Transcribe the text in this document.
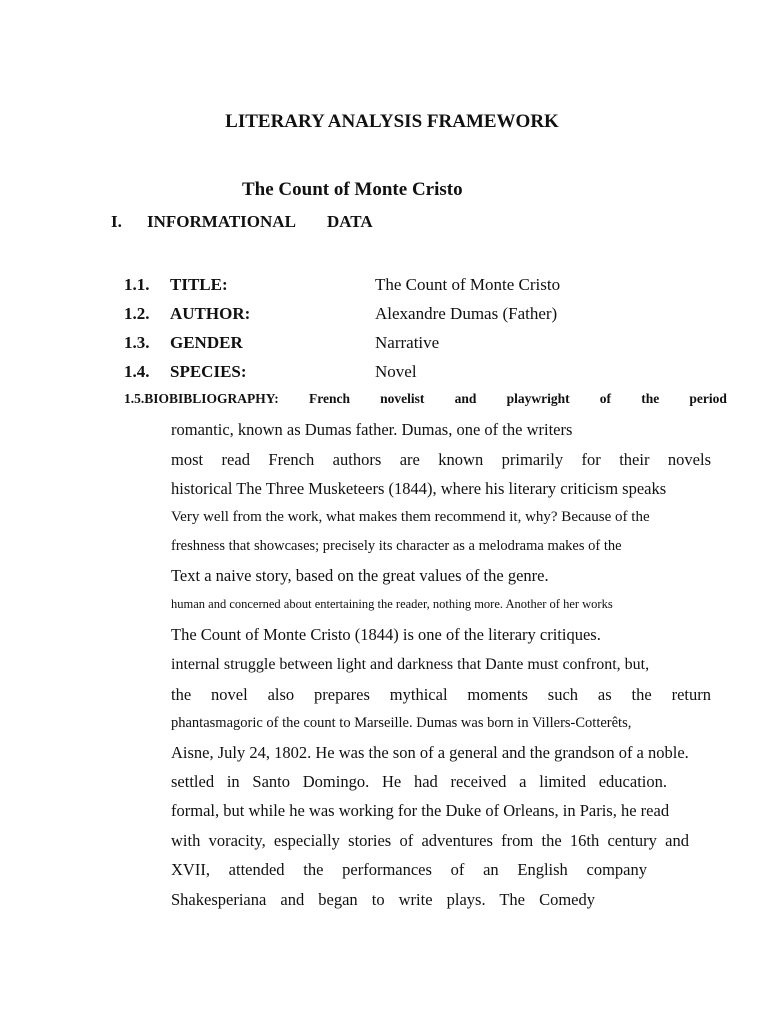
LITERARY ANALYSIS FRAMEWORK
The Count of Monte Cristo
I. INFORMATIONAL DATA
1.1. TITLE:	The Count of Monte Cristo
1.2. AUTHOR:	Alexandre Dumas (Father)
1.3. GENDER	Narrative
1.4. SPECIES:	Novel
1.5.BIOBIBLIOGRAPHY: French novelist and playwright of the period
romantic, known as Dumas father. Dumas, one of the writers
most read French authors are known primarily for their novels
historical The Three Musketeers (1844), where his literary criticism speaks
Very well from the work, what makes them recommend it, why? Because of the
freshness that showcases; precisely its character as a melodrama makes of the
Text a naive story, based on the great values of the genre.
human and concerned about entertaining the reader, nothing more. Another of her works
The Count of Monte Cristo (1844) is one of the literary critiques.
internal struggle between light and darkness that Dante must confront, but,
the novel also prepares mythical moments such as the return
phantasmagoric of the count to Marseille. Dumas was born in Villers-Cotterêts,
Aisne, July 24, 1802. He was the son of a general and the grandson of a noble.
settled in Santo Domingo. He had received a limited education.
formal, but while he was working for the Duke of Orleans, in Paris, he read
with voracity, especially stories of adventures from the 16th century and
XVII, attended the performances of an English company
Shakesperiana and began to write plays. The Comedy
